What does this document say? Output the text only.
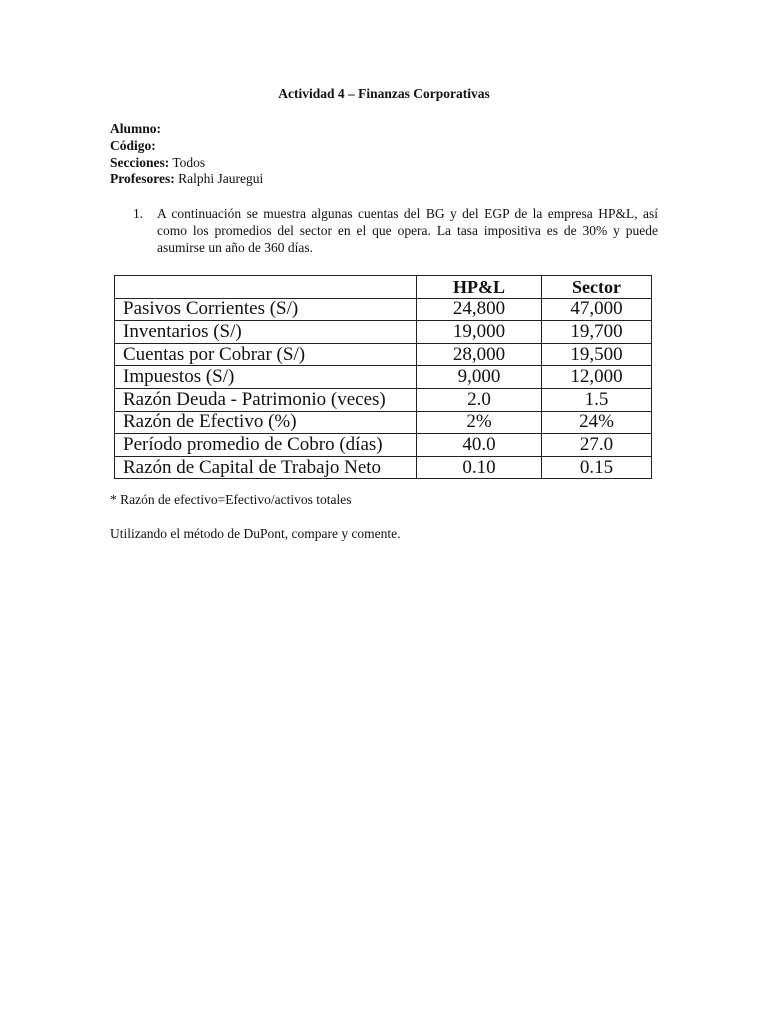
Actividad 4 – Finanzas Corporativas
Alumno:
Código:
Secciones: Todos
Profesores: Ralphi Jauregui
1. A continuación se muestra algunas cuentas del BG y del EGP de la empresa HP&L, así como los promedios del sector en el que opera. La tasa impositiva es de 30% y puede asumirse un año de 360 días.
	HP&L	Sector
Pasivos Corrientes (S/)	24,800	47,000
Inventarios (S/)	19,000	19,700
Cuentas por Cobrar (S/)	28,000	19,500
Impuestos (S/)	9,000	12,000
Razón Deuda - Patrimonio (veces)	2.0	1.5
Razón de Efectivo (%)	2%	24%
Período promedio de Cobro (días)	40.0	27.0
Razón de Capital de Trabajo Neto	0.10	0.15
* Razón de efectivo=Efectivo/activos totales
Utilizando el método de DuPont, compare y comente.
